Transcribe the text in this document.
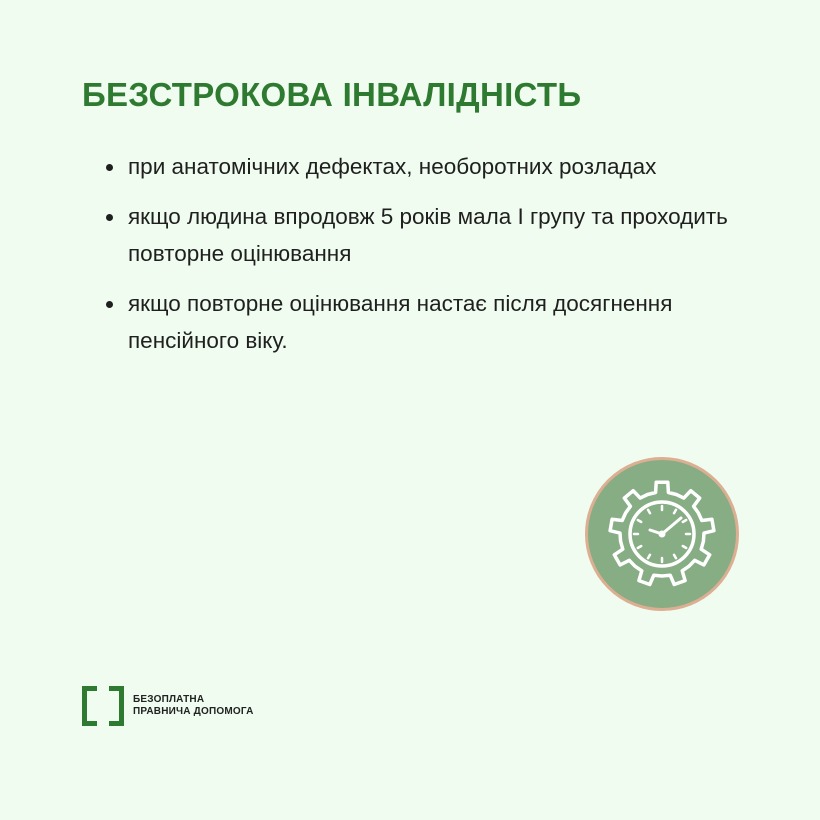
БЕЗСТРОКОВА ІНВАЛІДНІСТЬ
при анатомічних дефектах, необоротних розладах
якщо людина впродовж 5 років мала І групу та проходить повторне оцінювання
якщо повторне оцінювання настає після досягнення пенсійного віку.
БЕЗОПЛАТНА
ПРАВНИЧА ДОПОМОГА
